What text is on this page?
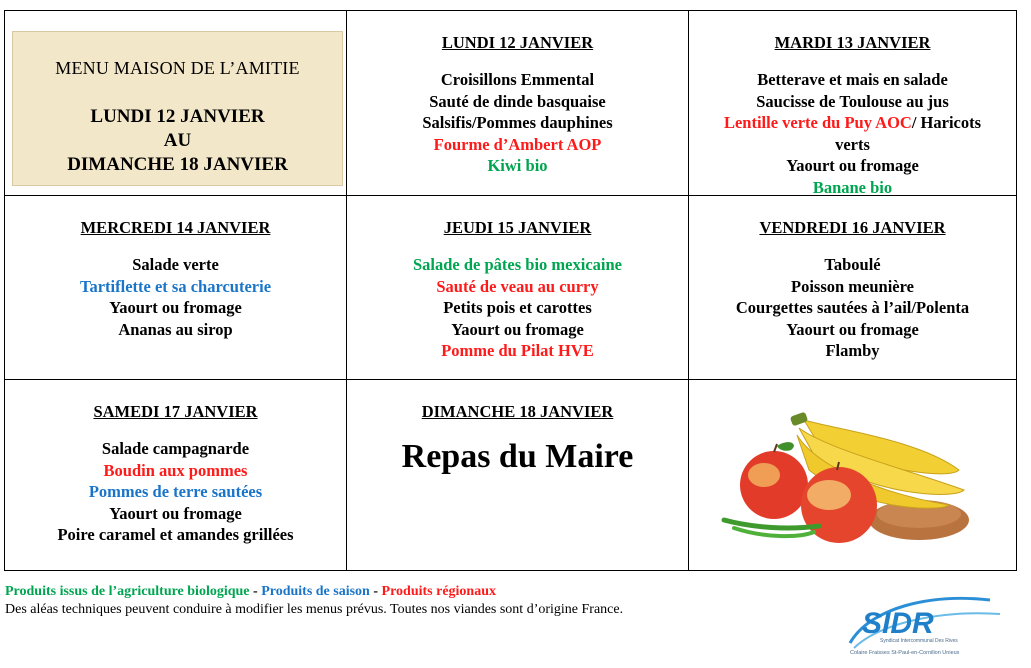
MENU MAISON DE L’AMITIE
LUNDI 12 JANVIER
AU
DIMANCHE 18 JANVIER
LUNDI 12 JANVIER
Croisillons Emmental
Sauté de dinde basquaise
Salsifis/Pommes dauphines
Fourme d’Ambert AOP
Kiwi bio
MARDI 13 JANVIER
Betterave et mais en salade
Saucisse de Toulouse au jus
Lentille verte du Puy AOC/ Haricots
verts
Yaourt ou fromage
Banane bio
MERCREDI 14 JANVIER
Salade verte
Tartiflette et sa charcuterie
Yaourt ou fromage
Ananas au sirop
JEUDI 15 JANVIER
Salade de pâtes bio mexicaine
Sauté de veau au curry
Petits pois et carottes
Yaourt ou fromage
Pomme du Pilat HVE
VENDREDI 16 JANVIER
Taboulé
Poisson meunière
Courgettes sautées à l’ail/Polenta
Yaourt ou fromage
Flamby
SAMEDI 17 JANVIER
Salade campagnarde
Boudin aux pommes
Pommes de terre sautées
Yaourt ou fromage
Poire caramel et amandes grillées
DIMANCHE 18 JANVIER
Repas du Maire
Produits issus de l’agriculture biologique - Produits de saison - Produits régionaux
Des aléas techniques peuvent conduire à modifier les menus prévus. Toutes nos viandes sont d’origine France.	SIDR
Syndicat Intercommunal Des Rives
Colaire Fraisses St-Paul-en-Cornillon Unieux
